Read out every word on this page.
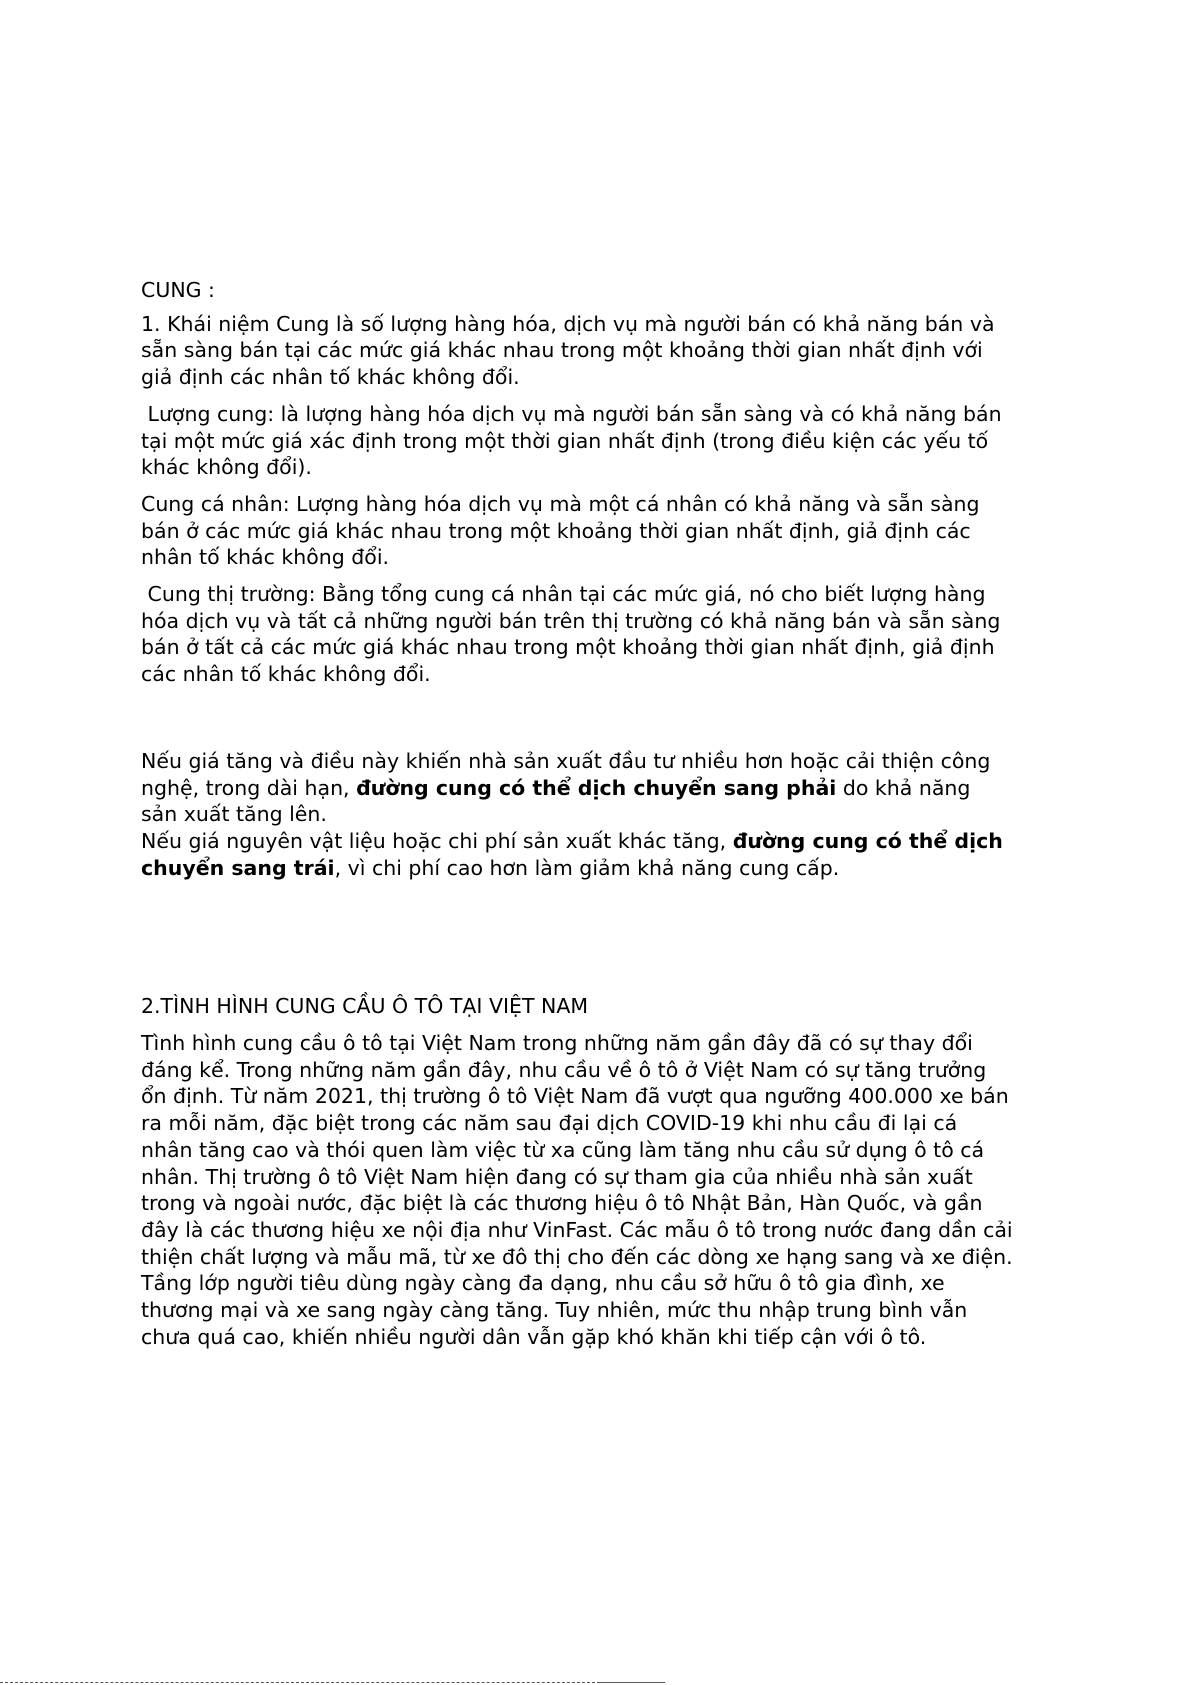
CUNG :

1. Khái niệm Cung là số lượng hàng hóa, dịch vụ mà người bán có khả năng bán và
sẵn sàng bán tại các mức giá khác nhau trong một khoảng thời gian nhất định với
giả định các nhân tố khác không đổi.

Lượng cung: là lượng hàng hóa dịch vụ mà người bán sẵn sàng và có khả năng bán
tại một mức giá xác định trong một thời gian nhất định (trong điều kiện các yếu tố
khác không đổi).

Cung cá nhân: Lượng hàng hóa dịch vụ mà một cá nhân có khả năng và sẵn sàng
bán ở các mức giá khác nhau trong một khoảng thời gian nhất định, giả định các
nhân tố khác không đổi.

Cung thị trường: Bằng tổng cung cá nhân tại các mức giá, nó cho biết lượng hàng
hóa dịch vụ và tất cả những người bán trên thị trường có khả năng bán và sẵn sàng
bán ở tất cả các mức giá khác nhau trong một khoảng thời gian nhất định, giả định
các nhân tố khác không đổi.

Nếu giá tăng và điều này khiến nhà sản xuất đầu tư nhiều hơn hoặc cải thiện công
nghệ, trong dài hạn, đường cung có thể dịch chuyển sang phải do khả năng
sản xuất tăng lên.
Nếu giá nguyên vật liệu hoặc chi phí sản xuất khác tăng, đường cung có thể dịch
chuyển sang trái, vì chi phí cao hơn làm giảm khả năng cung cấp.

2.TÌNH HÌNH CUNG CẦU Ô TÔ TẠI VIỆT NAM

Tình hình cung cầu ô tô tại Việt Nam trong những năm gần đây đã có sự thay đổi
đáng kể. Trong những năm gần đây, nhu cầu về ô tô ở Việt Nam có sự tăng trưởng
ổn định. Từ năm 2021, thị trường ô tô Việt Nam đã vượt qua ngưỡng 400.000 xe bán
ra mỗi năm, đặc biệt trong các năm sau đại dịch COVID-19 khi nhu cầu đi lại cá
nhân tăng cao và thói quen làm việc từ xa cũng làm tăng nhu cầu sử dụng ô tô cá
nhân. Thị trường ô tô Việt Nam hiện đang có sự tham gia của nhiều nhà sản xuất
trong và ngoài nước, đặc biệt là các thương hiệu ô tô Nhật Bản, Hàn Quốc, và gần
đây là các thương hiệu xe nội địa như VinFast. Các mẫu ô tô trong nước đang dần cải
thiện chất lượng và mẫu mã, từ xe đô thị cho đến các dòng xe hạng sang và xe điện.
Tầng lớp người tiêu dùng ngày càng đa dạng, nhu cầu sở hữu ô tô gia đình, xe
thương mại và xe sang ngày càng tăng. Tuy nhiên, mức thu nhập trung bình vẫn
chưa quá cao, khiến nhiều người dân vẫn gặp khó khăn khi tiếp cận với ô tô.
